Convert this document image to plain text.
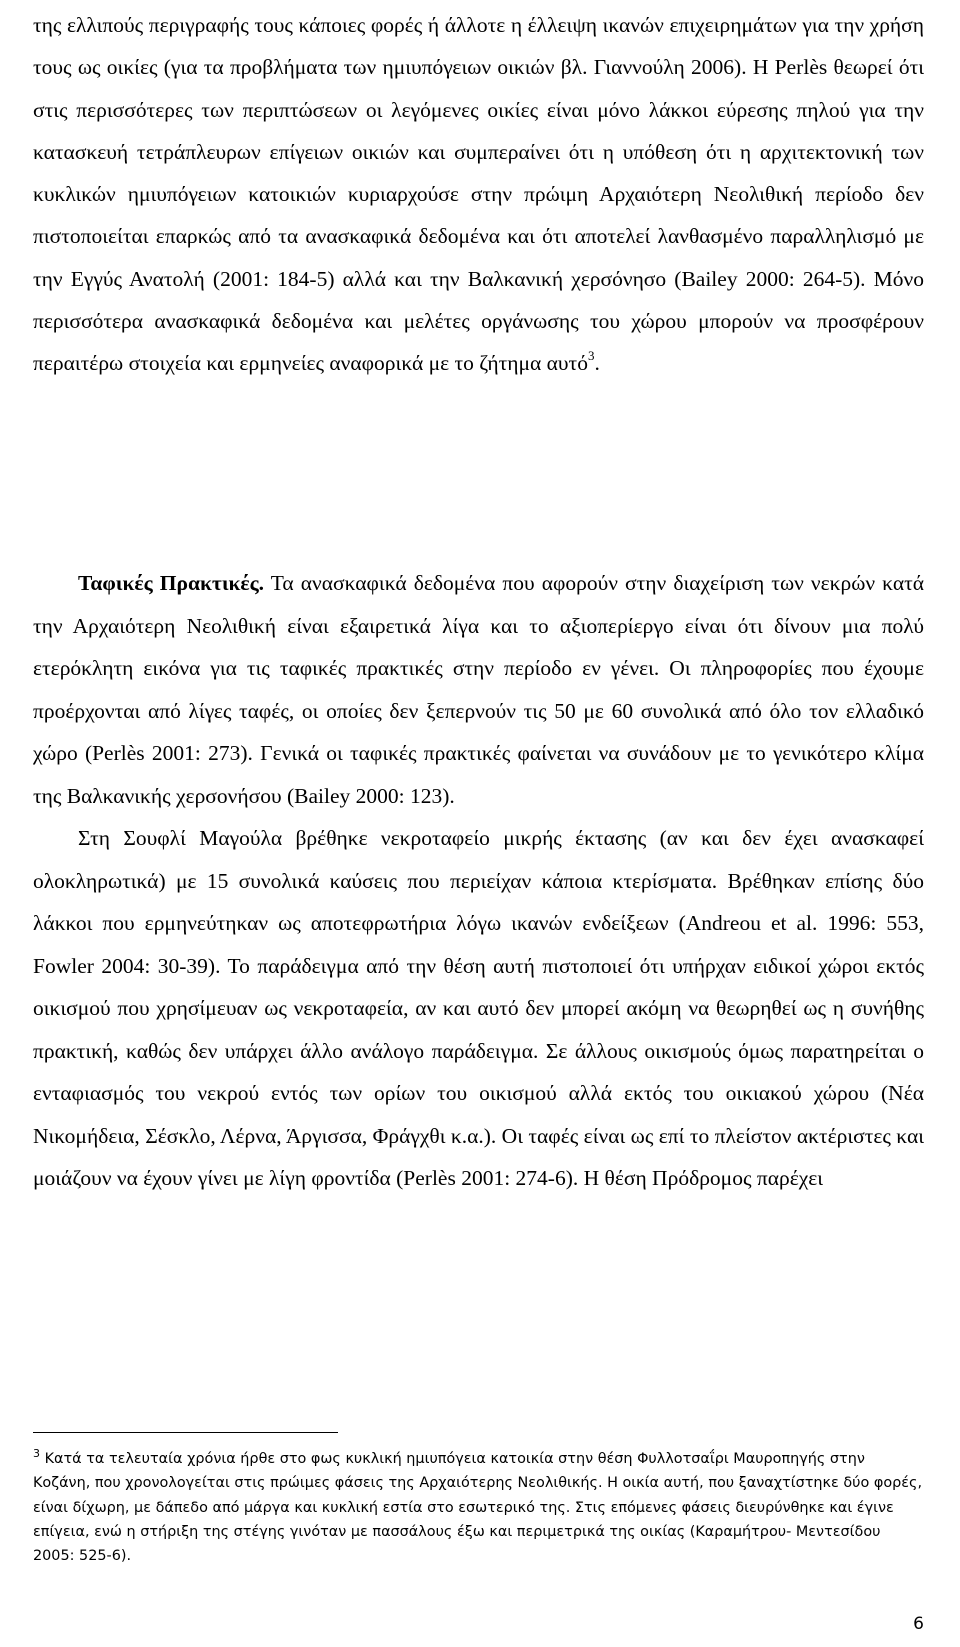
της ελλιπούς περιγραφής τους κάποιες φορές ή άλλοτε η έλλειψη ικανών επιχειρημάτων για την χρήση τους ως οικίες (για τα προβλήματα των ημιυπόγειων οικιών βλ. Γιαννούλη 2006). Η Perlès θεωρεί ότι στις περισσότερες των περιπτώσεων οι λεγόμενες οικίες είναι μόνο λάκκοι εύρεσης πηλού για την κατασκευή τετράπλευρων επίγειων οικιών και συμπεραίνει ότι η υπόθεση ότι η αρχιτεκτονική των κυκλικών ημιυπόγειων κατοικιών κυριαρχούσε στην πρώιμη Αρχαιότερη Νεολιθική περίοδο δεν πιστοποιείται επαρκώς από τα ανασκαφικά δεδομένα και ότι αποτελεί λανθασμένο παραλληλισμό με την Εγγύς Ανατολή (2001: 184-5) αλλά και την Βαλκανική χερσόνησο (Bailey 2000: 264-5). Μόνο περισσότερα ανασκαφικά δεδομένα και μελέτες οργάνωσης του χώρου μπορούν να προσφέρουν περαιτέρω στοιχεία και ερμηνείες αναφορικά με το ζήτημα αυτό$^3$.

Ταφικές Πρακτικές. Τα ανασκαφικά δεδομένα που αφορούν στην διαχείριση των νεκρών κατά την Αρχαιότερη Νεολιθική είναι εξαιρετικά λίγα και το αξιοπερίεργο είναι ότι δίνουν μια πολύ ετερόκλητη εικόνα για τις ταφικές πρακτικές στην περίοδο εν γένει. Οι πληροφορίες που έχουμε προέρχονται από λίγες ταφές, οι οποίες δεν ξεπερνούν τις 50 με 60 συνολικά από όλο τον ελλαδικό χώρο (Perlès 2001: 273). Γενικά οι ταφικές πρακτικές φαίνεται να συνάδουν με το γενικότερο κλίμα της Βαλκανικής χερσονήσου (Bailey 2000: 123).

Στη Σουφλί Μαγούλα βρέθηκε νεκροταφείο μικρής έκτασης (αν και δεν έχει ανασκαφεί ολοκληρωτικά) με 15 συνολικά καύσεις που περιείχαν κάποια κτερίσματα. Βρέθηκαν επίσης δύο λάκκοι που ερμηνεύτηκαν ως αποτεφρωτήρια λόγω ικανών ενδείξεων (Andreou et al. 1996: 553, Fowler 2004: 30-39). Το παράδειγμα από την θέση αυτή πιστοποιεί ότι υπήρχαν ειδικοί χώροι εκτός οικισμού που χρησίμευαν ως νεκροταφεία, αν και αυτό δεν μπορεί ακόμη να θεωρηθεί ως η συνήθης πρακτική, καθώς δεν υπάρχει άλλο ανάλογο παράδειγμα. Σε άλλους οικισμούς όμως παρατηρείται ο ενταφιασμός του νεκρού εντός των ορίων του οικισμού αλλά εκτός του οικιακού χώρου (Νέα Νικομήδεια, Σέσκλο, Λέρνα, Άργισσα, Φράγχθι κ.α.). Οι ταφές είναι ως επί το πλείστον ακτέριστες και μοιάζουν να έχουν γίνει με λίγη φροντίδα (Perlès 2001: 274-6). Η θέση Πρόδρομος παρέχει

$^3$ Κατά τα τελευταία χρόνια ήρθε στο φως κυκλική ημιυπόγεια κατοικία στην θέση Φυλλοτσαΐρι Μαυροπηγής στην Κοζάνη, που χρονολογείται στις πρώιμες φάσεις της Αρχαιότερης Νεολιθικής. Η οικία αυτή, που ξαναχτίστηκε δύο φορές, είναι δίχωρη, με δάπεδο από μάργα και κυκλική εστία στο εσωτερικό της. Στις επόμενες φάσεις διευρύνθηκε και έγινε επίγεια, ενώ η στήριξη της στέγης γινόταν με πασσάλους έξω και περιμετρικά της οικίας (Καραμήτρου- Μεντεσίδου 2005: 525-6).

6
